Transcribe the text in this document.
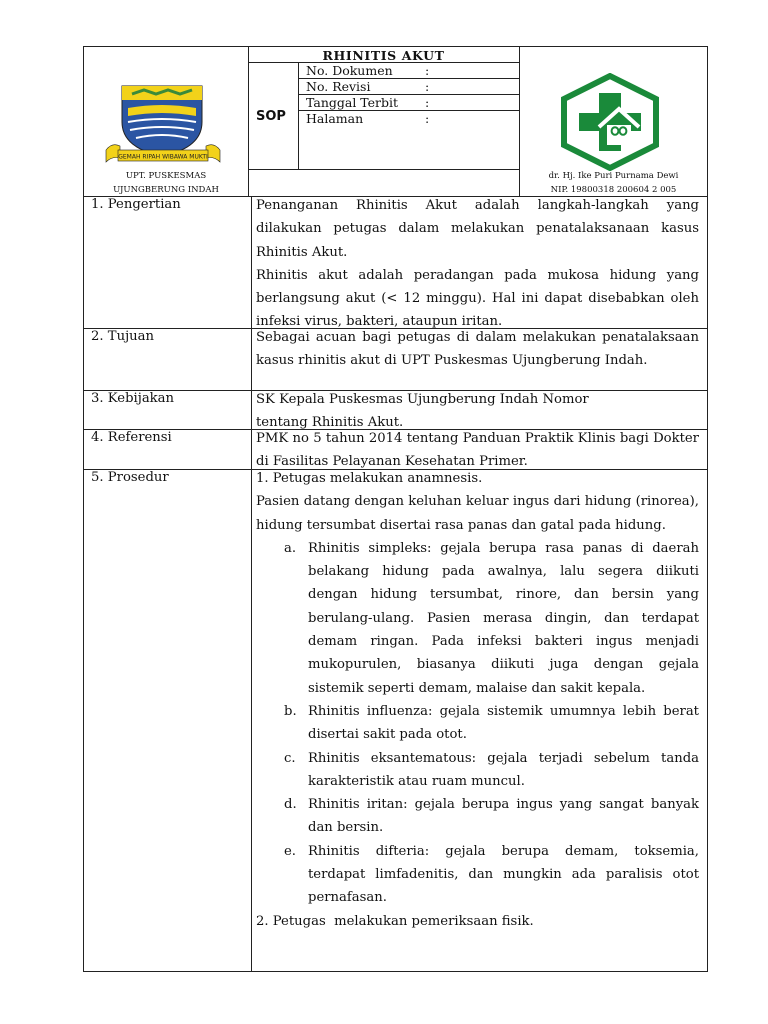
GEMAH RIPAH WIBAWA MUKTI
UPT. PUSKESMAS
UJUNGBERUNG INDAH
RHINITIS AKUT
SOP
No. Dokumen	:
No. Revisi	:
Tanggal Terbit :
Halaman	:
dr. Hj. Ike Puri Purnama Dewi
NIP. 19800318 200604 2 005
1. Pengertian	Penanganan Rhinitis Akut adalah langkah-langkah yang dilakukan petugas dalam melakukan penatalaksanaan kasus Rhinitis Akut.
Rhinitis akut adalah peradangan pada mukosa hidung yang berlangsung akut (< 12 minggu). Hal ini dapat disebabkan oleh infeksi virus, bakteri, ataupun iritan.
2. Tujuan	Sebagai acuan bagi petugas di dalam melakukan penatalaksaan kasus rhinitis akut di UPT Puskesmas Ujungberung Indah.
3. Kebijakan	SK Kepala Puskesmas Ujungberung Indah Nomor
tentang Rhinitis Akut.
4. Referensi	PMK no 5 tahun 2014 tentang Panduan Praktik Klinis bagi Dokter di Fasilitas Pelayanan Kesehatan Primer.
5. Prosedur	1. Petugas melakukan anamnesis.
Pasien datang dengan keluhan keluar ingus dari hidung (rinorea), hidung tersumbat disertai rasa panas dan gatal pada hidung.
a. Rhinitis simpleks: gejala berupa rasa panas di daerah belakang hidung pada awalnya, lalu segera diikuti dengan hidung tersumbat, rinore, dan bersin yang berulang-ulang. Pasien merasa dingin, dan terdapat demam ringan. Pada infeksi bakteri ingus menjadi mukopurulen, biasanya diikuti juga dengan gejala sistemik seperti demam, malaise dan sakit kepala.
b. Rhinitis influenza: gejala sistemik umumnya lebih berat disertai sakit pada otot.
c. Rhinitis eksantematous: gejala terjadi sebelum tanda karakteristik atau ruam muncul.
d. Rhinitis iritan: gejala berupa ingus yang sangat banyak dan bersin.
e. Rhinitis difteria: gejala berupa demam, toksemia, terdapat limfadenitis, dan mungkin ada paralisis otot pernafasan.
2. Petugas  melakukan pemeriksaan fisik.
